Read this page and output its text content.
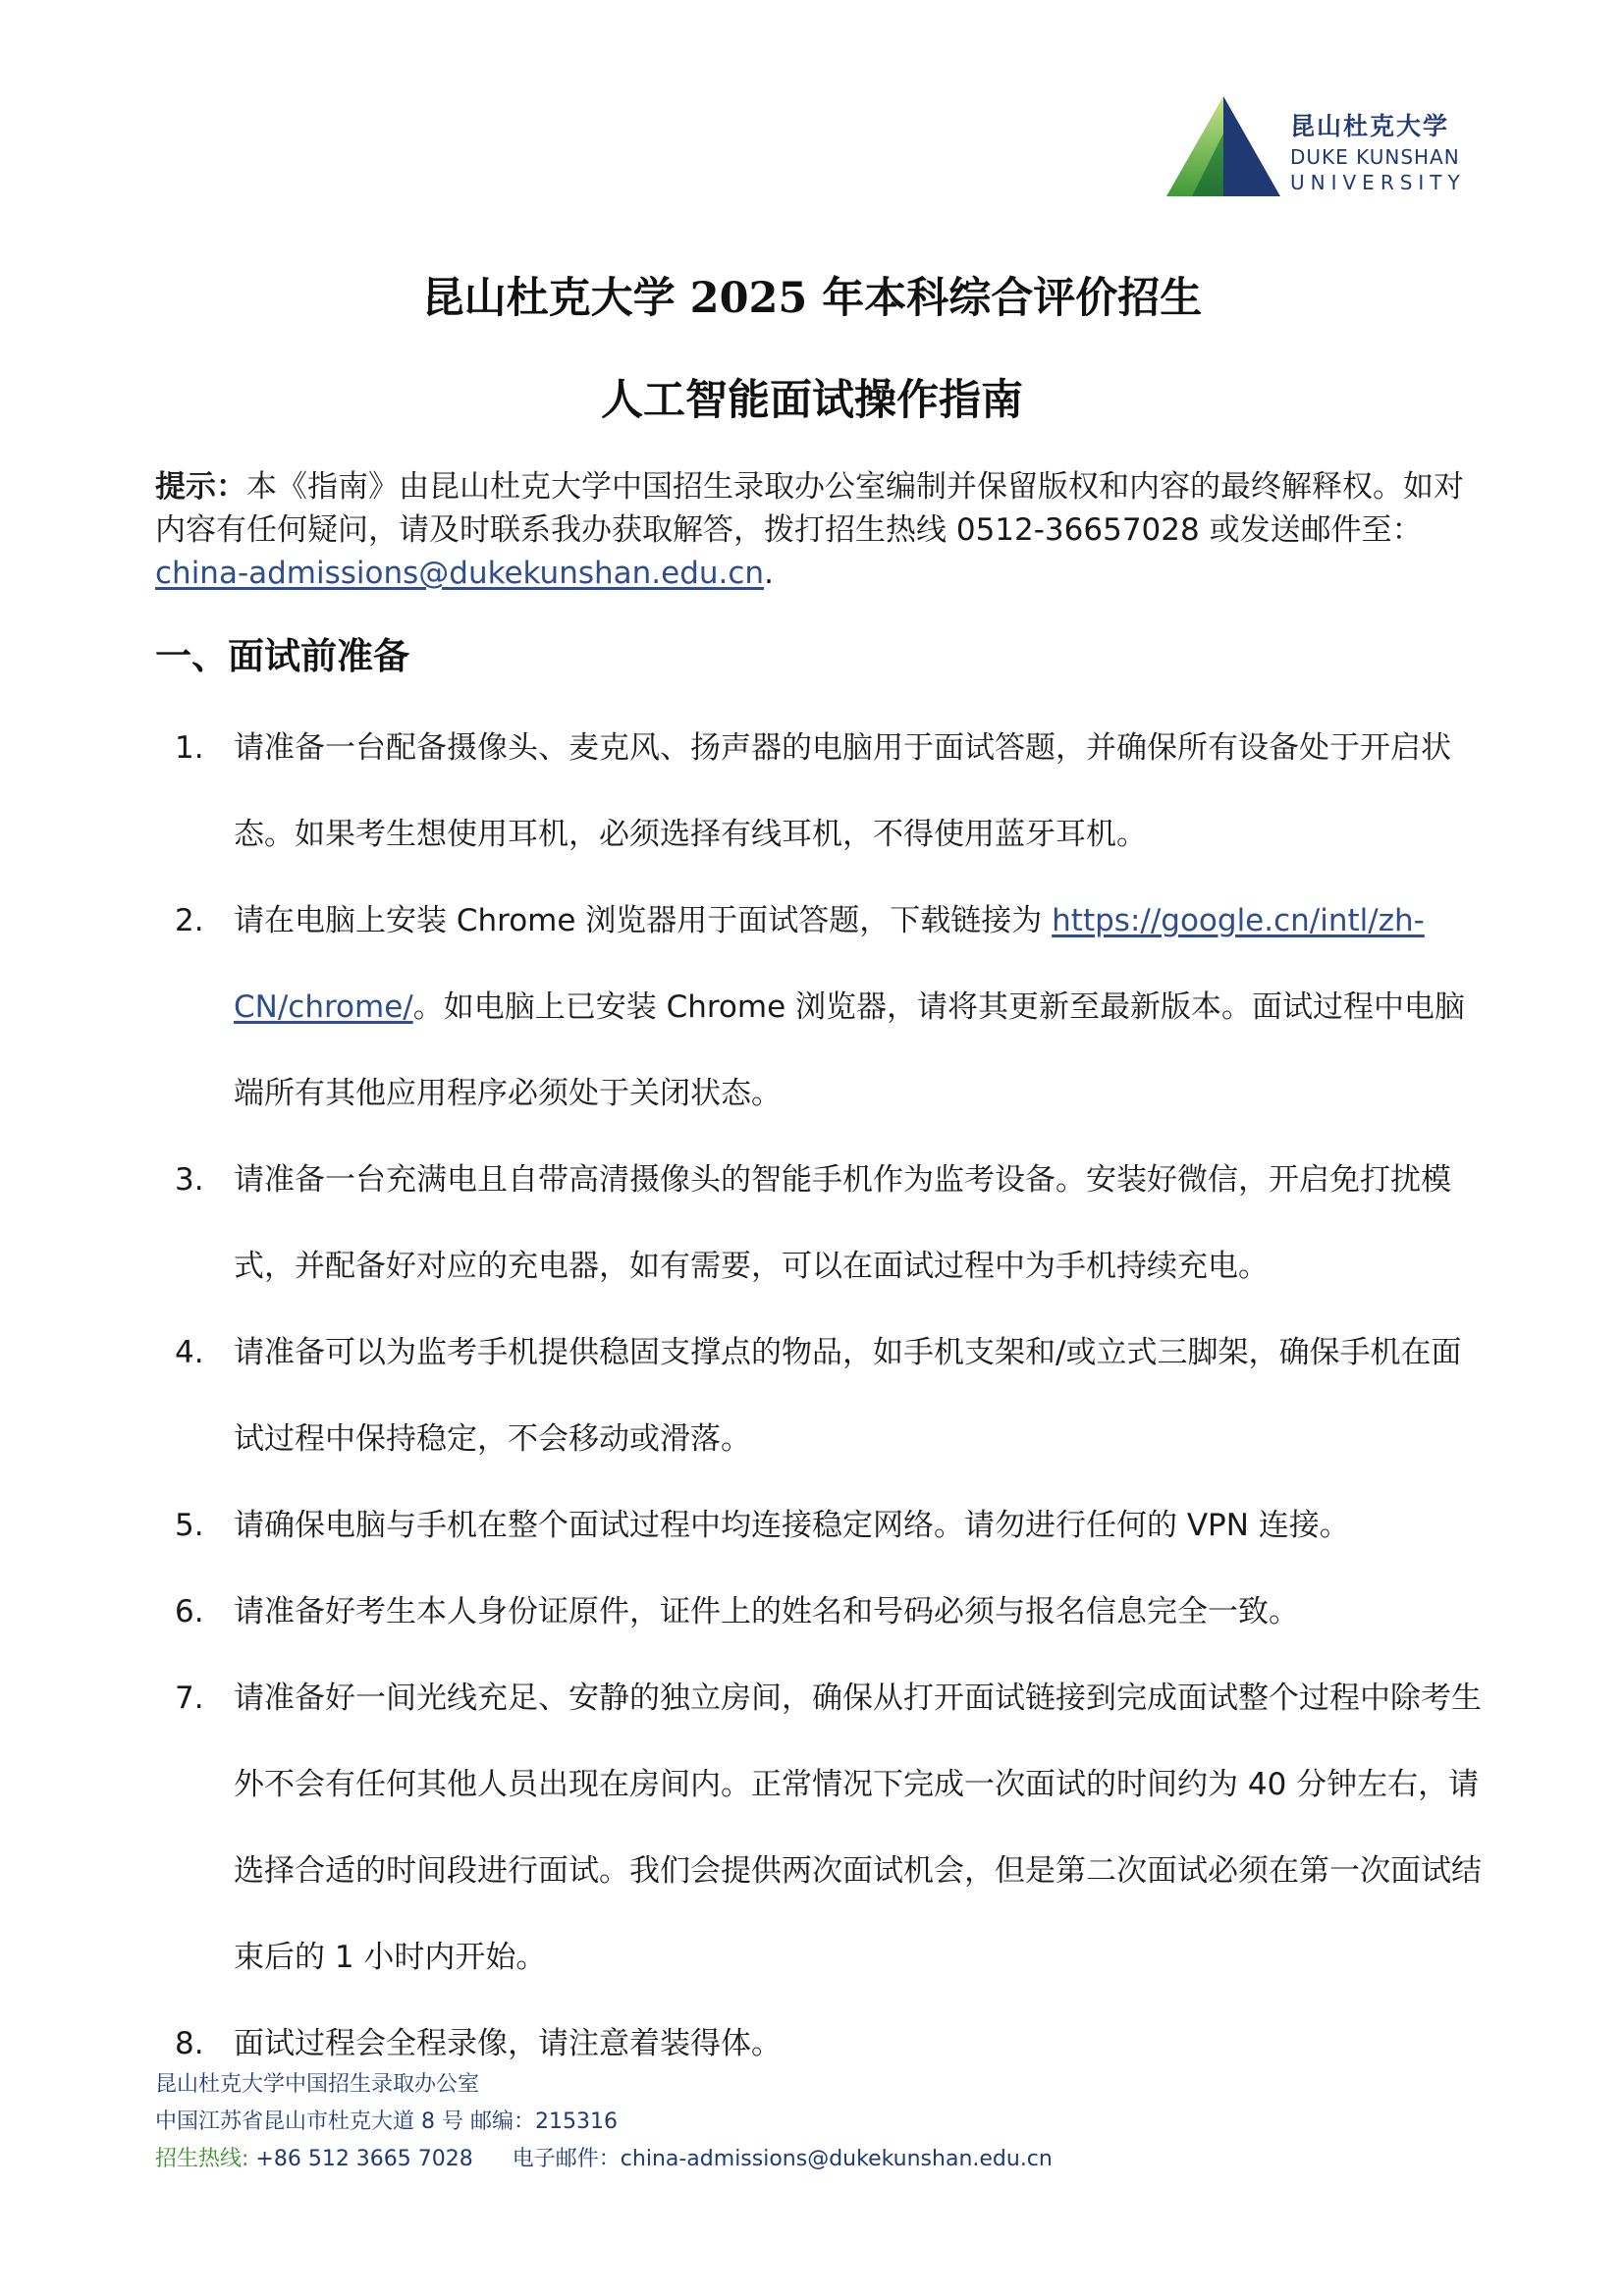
昆山杜克大学
DUKE KUNSHAN
UNIVERSITY
昆山杜克大学 2025 年本科综合评价招生
人工智能面试操作指南
提示：本《指南》由昆山杜克大学中国招生录取办公室编制并保留版权和内容的最终解释权。如对内容有任何疑问，请及时联系我办获取解答，拨打招生热线 0512-36657028 或发送邮件至：china-admissions@dukekunshan.edu.cn.
一、面试前准备
1. 请准备一台配备摄像头、麦克风、扬声器的电脑用于面试答题，并确保所有设备处于开启状态。如果考生想使用耳机，必须选择有线耳机，不得使用蓝牙耳机。
2. 请在电脑上安装 Chrome 浏览器用于面试答题，下载链接为 https://google.cn/intl/zh-CN/chrome/。如电脑上已安装 Chrome 浏览器，请将其更新至最新版本。面试过程中电脑端所有其他应用程序必须处于关闭状态。
3. 请准备一台充满电且自带高清摄像头的智能手机作为监考设备。安装好微信，开启免打扰模式，并配备好对应的充电器，如有需要，可以在面试过程中为手机持续充电。
4. 请准备可以为监考手机提供稳固支撑点的物品，如手机支架和/或立式三脚架，确保手机在面试过程中保持稳定，不会移动或滑落。
5. 请确保电脑与手机在整个面试过程中均连接稳定网络。请勿进行任何的 VPN 连接。
6. 请准备好考生本人身份证原件，证件上的姓名和号码必须与报名信息完全一致。
7. 请准备好一间光线充足、安静的独立房间，确保从打开面试链接到完成面试整个过程中除考生外不会有任何其他人员出现在房间内。正常情况下完成一次面试的时间约为 40 分钟左右，请选择合适的时间段进行面试。我们会提供两次面试机会，但是第二次面试必须在第一次面试结束后的 1 小时内开始。
8. 面试过程会全程录像，请注意着装得体。
昆山杜克大学中国招生录取办公室
中国江苏省昆山市杜克大道 8 号 邮编：215316
招生热线: +86 512 3665 7028 电子邮件：china-admissions@dukekunshan.edu.cn
